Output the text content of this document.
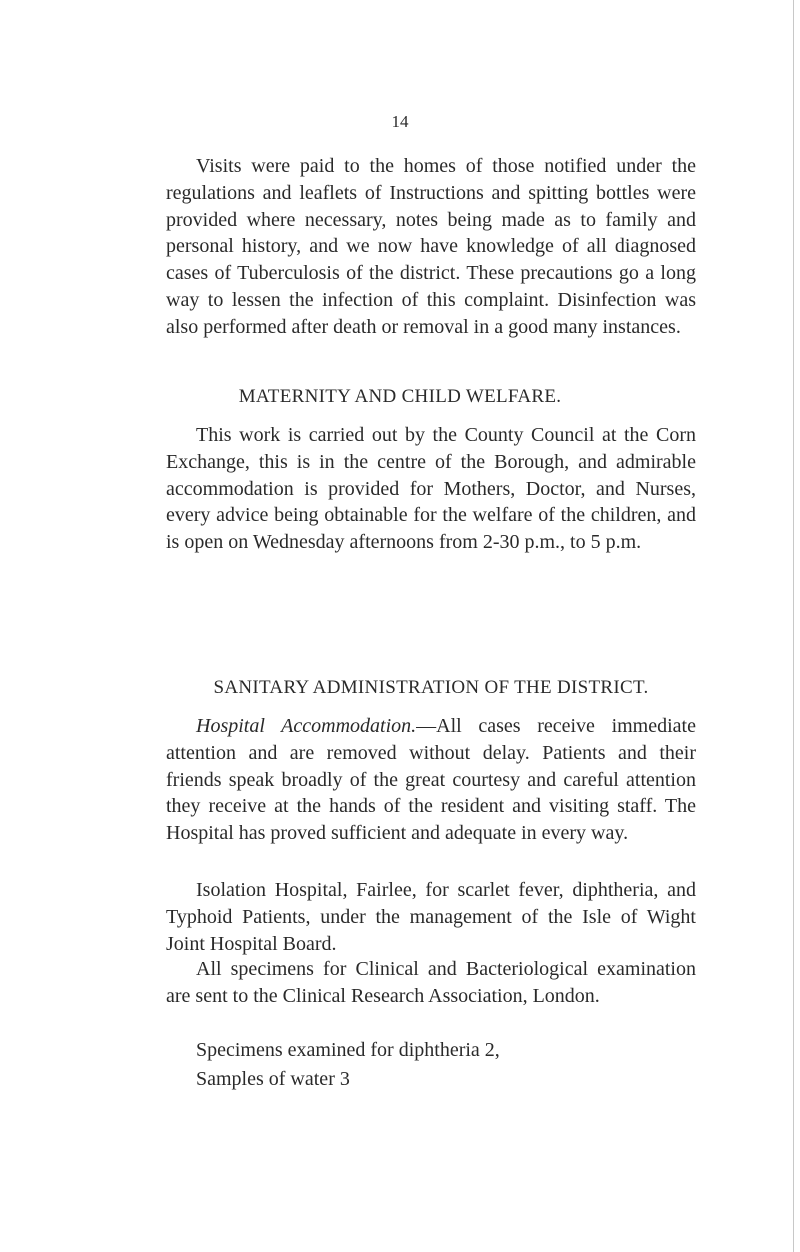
14

Visits were paid to the homes of those notified under the regulations and leaflets of Instructions and spitting bottles were provided where necessary, notes being made as to family and personal history, and we now have knowledge of all diagnosed cases of Tuberculosis of the district. These precautions go a long way to lessen the infection of this complaint. Disinfection was also performed after death or removal in a good many instances.

MATERNITY AND CHILD WELFARE.

This work is carried out by the County Council at the Corn Exchange, this is in the centre of the Borough, and admirable accommodation is provided for Mothers, Doctor, and Nurses, every advice being obtainable for the welfare of the children, and is open on Wednesday afternoons from 2-30 p.m., to 5 p.m.

SANITARY ADMINISTRATION OF THE DISTRICT.

Hospital Accommodation.—All cases receive immediate attention and are removed without delay. Patients and their friends speak broadly of the great courtesy and careful attention they receive at the hands of the resident and visiting staff. The Hospital has proved sufficient and adequate in every way.

Isolation Hospital, Fairlee, for scarlet fever, diphtheria, and Typhoid Patients, under the management of the Isle of Wight Joint Hospital Board.

All specimens for Clinical and Bacteriological examination are sent to the Clinical Research Association, London.

Specimens examined for diphtheria 2,
Samples of water 3
